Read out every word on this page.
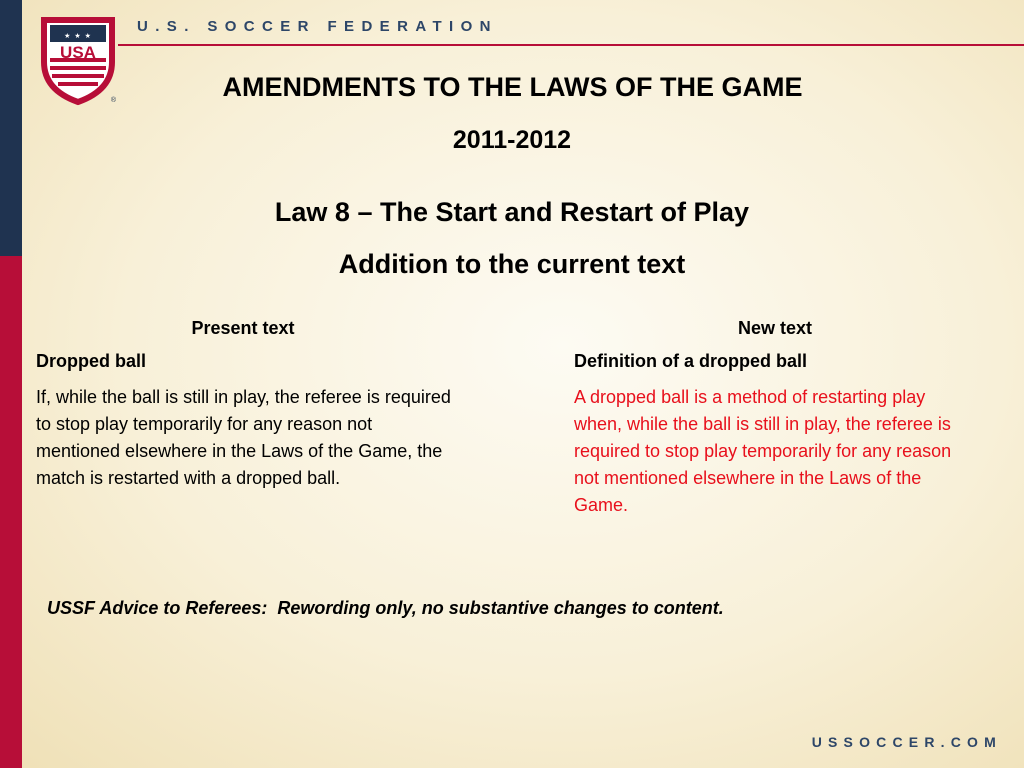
★ ★ ★
USA
®
U.S. SOCCER FEDERATION
AMENDMENTS TO THE LAWS OF THE GAME
2011-2012
Law 8 – The Start and Restart of Play
Addition to the current text
Present text	New text
Dropped ball	Definition of a dropped ball
If, while the ball is still in play, the referee is required to stop play temporarily for any reason not mentioned elsewhere in the Laws of the Game, the match is restarted with a dropped ball.
A dropped ball is a method of restarting play when, while the ball is still in play, the referee is required to stop play temporarily for any reason not mentioned elsewhere in the Laws of the Game.
USSF Advice to Referees:  Rewording only, no substantive changes to content.
USSOCCER.COM
